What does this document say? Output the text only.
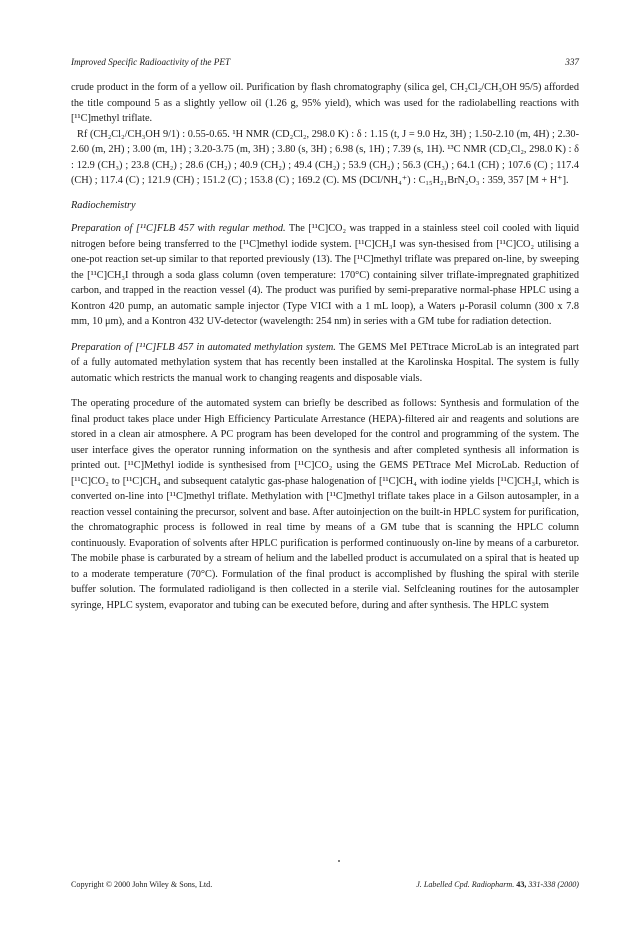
Improved Specific Radioactivity of the PET	337

crude product in the form of a yellow oil. Purification by flash chromatography (silica gel, CH₂Cl₂/CH₃OH 95/5) afforded the title compound 5 as a slightly yellow oil (1.26 g, 95% yield), which was used for the radiolabelling reactions with [¹¹C]methyl triflate.

Rf (CH₂Cl₂/CH₃OH 9/1) : 0.55-0.65. ¹H NMR (CD₂Cl₂, 298.0 K) : δ : 1.15 (t, J = 9.0 Hz, 3H) ; 1.50-2.10 (m, 4H) ; 2.30-2.60 (m, 2H) ; 3.00 (m, 1H) ; 3.20-3.75 (m, 3H) ; 3.80 (s, 3H) ; 6.98 (s, 1H) ; 7.39 (s, 1H). ¹³C NMR (CD₂Cl₂, 298.0 K) : δ : 12.9 (CH₃) ; 23.8 (CH₂) ; 28.6 (CH₂) ; 40.9 (CH₂) ; 49.4 (CH₂) ; 53.9 (CH₂) ; 56.3 (CH₃) ; 64.1 (CH) ; 107.6 (C) ; 117.4 (CH) ; 117.4 (C) ; 121.9 (CH) ; 151.2 (C) ; 153.8 (C) ; 169.2 (C). MS (DCI/NH₄⁺) : C₁₅H₂₁BrN₂O₃ : 359, 357 [M + H⁺].

Radiochemistry

Preparation of [¹¹C]FLB 457 with regular method. The [¹¹C]CO₂ was trapped in a stainless steel coil cooled with liquid nitrogen before being transferred to the [¹¹C]methyl iodide system. [¹¹C]CH₃I was syn-thesised from [¹¹C]CO₂ utilising a one-pot reaction set-up similar to that reported previously (13). The [¹¹C]methyl triflate was prepared on-line, by sweeping the [¹¹C]CH₃I through a soda glass column (oven temperature: 170°C) containing silver triflate-impregnated graphitized carbon, and trapped in the reaction vessel (4). The product was purified by semi-preparative normal-phase HPLC using a Kontron 420 pump, an automatic sample injector (Type VICI with a 1 mL loop), a Waters μ-Porasil column (300 x 7.8 mm, 10 μm), and a Kontron 432 UV-detector (wavelength: 254 nm) in series with a GM tube for radiation detection.

Preparation of [¹¹C]FLB 457 in automated methylation system. The GEMS MeI PETtrace MicroLab is an integrated part of a fully automated methylation system that has recently been installed at the Karolinska Hospital. The system is fully automatic which restricts the manual work to changing reagents and disposable vials.

The operating procedure of the automated system can briefly be described as follows: Synthesis and formulation of the final product takes place under High Efficiency Particulate Arrestance (HEPA)-filtered air and reagents and solutions are stored in a clean air atmosphere. A PC program has been developed for the control and programming of the system. The user interface gives the operator running information on the synthesis and after completed synthesis all information is printed out. [¹¹C]Methyl iodide is synthesised from [¹¹C]CO₂ using the GEMS PETtrace MeI MicroLab. Reduction of [¹¹C]CO₂ to [¹¹C]CH₄ and subsequent catalytic gas-phase halogenation of [¹¹C]CH₄ with iodine yields [¹¹C]CH₃I, which is converted on-line into [¹¹C]methyl triflate. Methylation with [¹¹C]methyl triflate takes place in a Gilson autosampler, in a reaction vessel containing the precursor, solvent and base. After autoinjection on the built-in HPLC system for purification, the chromatographic process is followed in real time by means of a GM tube that is scanning the HPLC column continuously. Evaporation of solvents after HPLC purification is performed continuously on-line by means of a carburetor. The mobile phase is carburated by a stream of helium and the labelled product is accumulated on a spiral that is heated up to a moderate temperature (70°C). Formulation of the final product is accomplished by flushing the spiral with sterile buffer solution. The formulated radioligand is then collected in a sterile vial. Selfcleaning routines for the autosampler syringe, HPLC system, evaporator and tubing can be executed before, during and after synthesis. The HPLC system

Copyright © 2000 John Wiley & Sons, Ltd.	J. Labelled Cpd. Radiopharm. 43, 331-338 (2000)
